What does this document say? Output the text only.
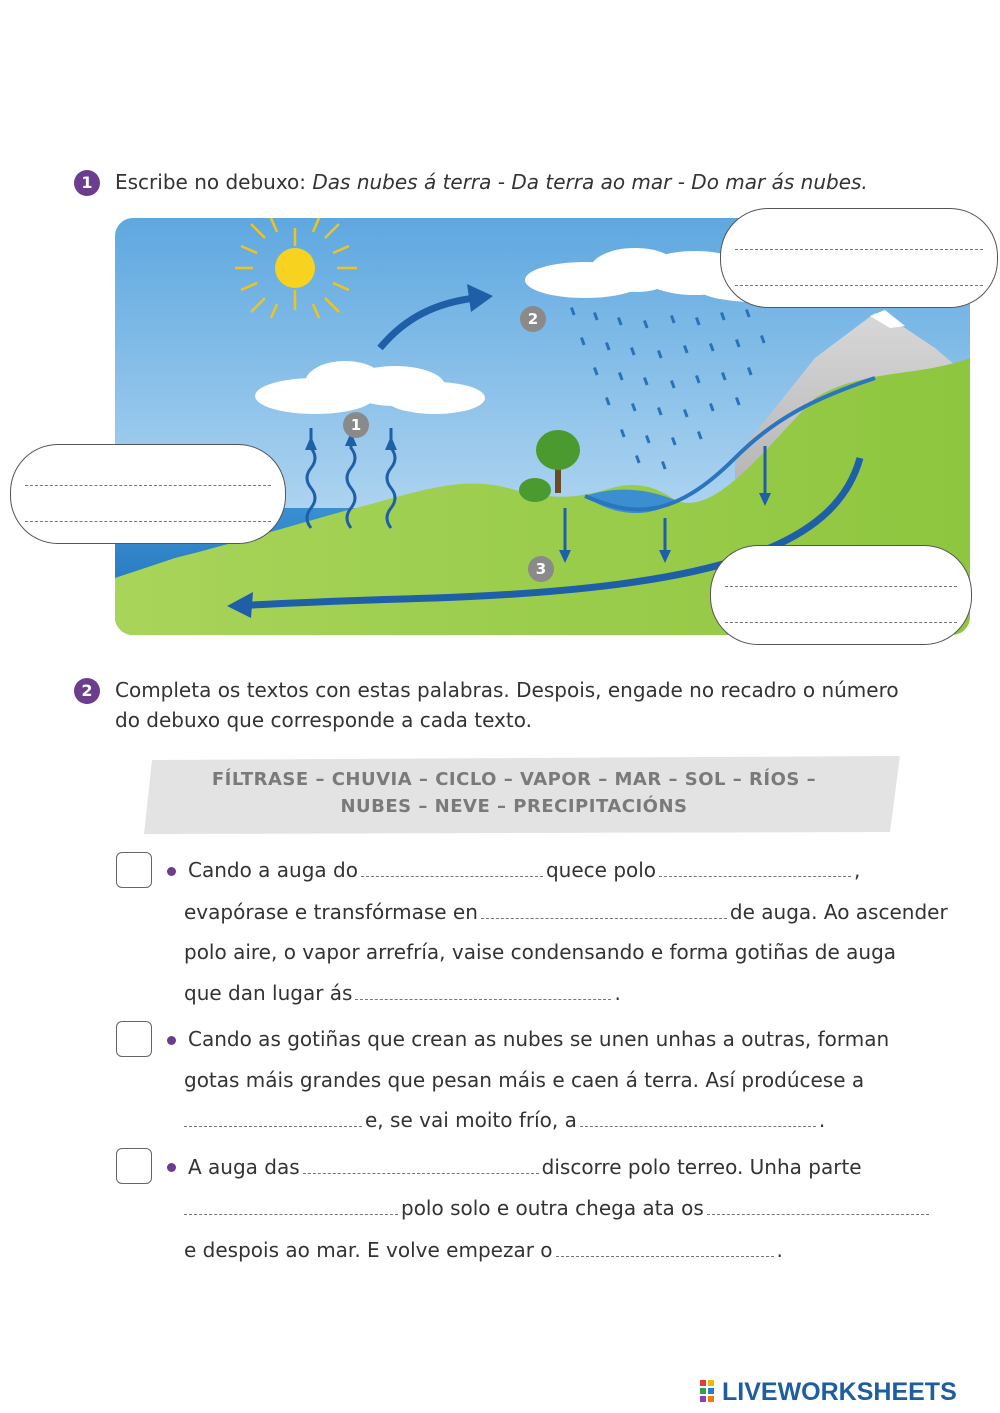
1	Escribe no debuxo: Das nubes á terra - Da terra ao mar - Do mar ás nubes.
1
2
3
2	Completa os textos con estas palabras. Despois, engade no recadro o número
do debuxo que corresponde a cada texto.
FÍLTRASE – CHUVIA – CICLO – VAPOR – MAR – SOL – RÍOS –
NUBES – NEVE – PRECIPITACIÓNS
Cando a auga do	quece polo	,
evapórase e transfórmase en	de auga. Ao ascender
polo aire, o vapor arrefría, vaise condensando e forma gotiñas de auga
que dan lugar ás	.
Cando as gotiñas que crean as nubes se unen unhas a outras, forman
gotas máis grandes que pesan máis e caen á terra. Así prodúcese a
e, se vai moito frío, a	.
A auga das	discorre polo terreo. Unha parte
polo solo e outra chega ata os
e despois ao mar. E volve empezar o	.
LIVEWORKSHEETS
